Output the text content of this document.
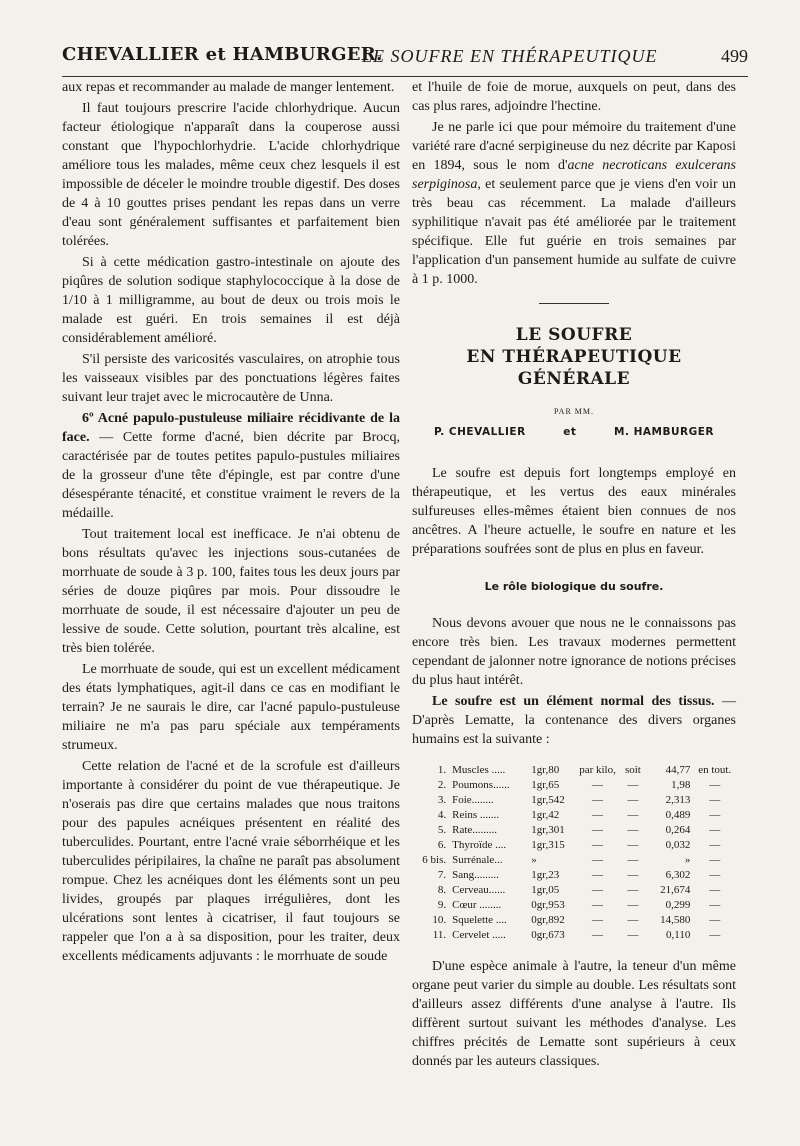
CHEVALLIER et HAMBURGER.
LE SOUFRE EN THÉRAPEUTIQUE	499

aux repas et recommander au malade de manger lentement.

Il faut toujours prescrire l'acide chlorhydrique. Aucun facteur étiologique n'apparaît dans la couperose aussi constant que l'hypochlorhydrie. L'acide chlorhydrique améliore tous les malades, même ceux chez lesquels il est impossible de déceler le moindre trouble digestif. Des doses de 4 à 10 gouttes prises pendant les repas dans un verre d'eau sont généralement suffisantes et parfaitement bien tolérées.

Si à cette médication gastro-intestinale on ajoute des piqûres de solution sodique staphylococcique à la dose de 1/10 à 1 milligramme, au bout de deux ou trois mois le malade est guéri. En trois semaines il est déjà considérablement amélioré.

S'il persiste des varicosités vasculaires, on atrophie tous les vaisseaux visibles par des ponctuations légères faites suivant leur trajet avec le microcautère de Unna.

6º Acné papulo-pustuleuse miliaire récidivante de la face. — Cette forme d'acné, bien décrite par Brocq, caractérisée par de toutes petites papulo-pustules miliaires de la grosseur d'une tête d'épingle, est par contre d'une désespérante ténacité, et constitue vraiment le revers de la médaille.

Tout traitement local est inefficace. Je n'ai obtenu de bons résultats qu'avec les injections sous-cutanées de morrhuate de soude à 3 p. 100, faites tous les deux jours par séries de douze piqûres par mois. Pour dissoudre le morrhuate de soude, il est nécessaire d'ajouter un peu de lessive de soude. Cette solution, pourtant très alcaline, est très bien tolérée.

Le morrhuate de soude, qui est un excellent médicament des états lymphatiques, agit-il dans ce cas en modifiant le terrain? Je ne saurais le dire, car l'acné papulo-pustuleuse miliaire ne m'a pas paru spéciale aux tempéraments strumeux.

Cette relation de l'acné et de la scrofule est d'ailleurs importante à considérer du point de vue thérapeutique. Je n'oserais pas dire que certains malades que nous traitons pour des papules acnéiques présentent en réalité des tuberculides. Pourtant, entre l'acné vraie séborrhéique et les tuberculides péripilaires, la chaîne ne paraît pas absolument rompue. Chez les acnéiques dont les éléments sont un peu livides, groupés par plaques irrégulières, dont les ulcérations sont lentes à cicatriser, il faut toujours se rappeler que l'on a à sa disposition, pour les traiter, deux excellents médicaments adjuvants : le morrhuate de soude

et l'huile de foie de morue, auxquels on peut, dans des cas plus rares, adjoindre l'hectine.

Je ne parle ici que pour mémoire du traitement d'une variété rare d'acné serpigineuse du nez décrite par Kaposi en 1894, sous le nom d'acne necroticans exulcerans serpiginosa, et seulement parce que je viens d'en voir un très beau cas récemment. La malade d'ailleurs syphilitique n'avait pas été améliorée par le traitement spécifique. Elle fut guérie en trois semaines par l'application d'un pansement humide au sulfate de cuivre à 1 p. 1000.

LE SOUFRE
EN THÉRAPEUTIQUE
GÉNÉRALE
PAR MM.
P. CHEVALLIER	et	M. HAMBURGER

Le soufre est depuis fort longtemps employé en thérapeutique, et les vertus des eaux minérales sulfureuses elles-mêmes étaient bien connues de nos ancêtres. A l'heure actuelle, le soufre en nature et les préparations soufrées sont de plus en plus en faveur.

Le rôle biologique du soufre.

Nous devons avouer que nous ne le connaissons pas encore très bien. Les travaux modernes permettent cependant de jalonner notre ignorance de notions précises du plus haut intérêt.

Le soufre est un élément normal des tissus. — D'après Lematte, la contenance des divers organes humains est la suivante :

1.	Muscles .....	1gr,80	par kilo,	soit	44,77	en tout.
2.	Poumons......	1gr,65	—	—	1,98	—
3.	Foie........	1gr,542	—	—	2,313	—
4.	Reins .......	1gr,42	—	—	0,489	—
5.	Rate.........	1gr,301	—	—	0,264	—
6.	Thyroïde ....	1gr,315	—	—	0,032	—
6 bis.	Surrénale...	»	—	—	»	—
7.	Sang.........	1gr,23	—	—	6,302	—
8.	Cerveau......	1gr,05	—	—	21,674	—
9.	Cœur ........	0gr,953	—	—	0,299	—
10.	Squelette ....	0gr,892	—	—	14,580	—
11.	Cervelet .....	0gr,673	—	—	0,110	—

D'une espèce animale à l'autre, la teneur d'un même organe peut varier du simple au double. Les résultats sont d'ailleurs assez différents d'une analyse à l'autre. Ils diffèrent surtout suivant les méthodes d'analyse. Les chiffres précités de Lematte sont supérieurs à ceux donnés par les auteurs classiques.
